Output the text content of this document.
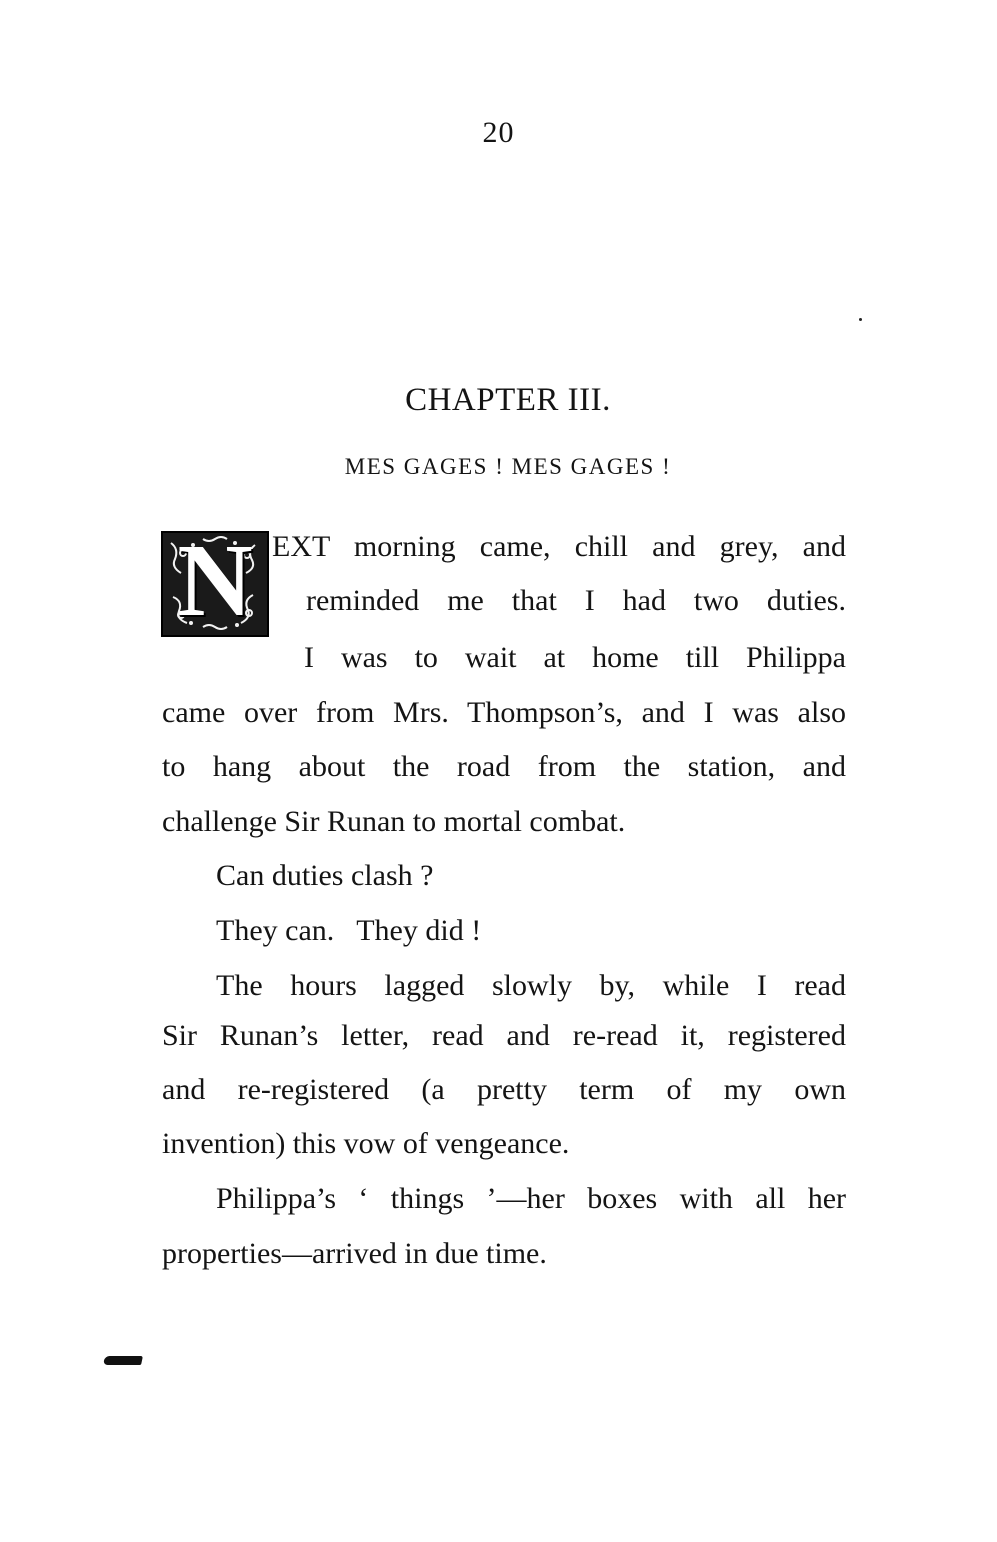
20
CHAPTER III.
MES GAGES ! MES GAGES !
N EXT morning came, chill and grey, and
reminded me that I had two duties.
I was to wait at home till Philippa
came over from Mrs. Thompson’s, and I was also
to hang about the road from the station, and
challenge Sir Runan to mortal combat.
Can duties clash ?
They can.   They did !
The hours lagged slowly by, while I read
Sir Runan’s letter, read and re-read it, registered
and re-registered (a pretty term of my own
invention) this vow of vengeance.
Philippa’s ‘ things ’—her boxes with all her
properties—arrived in due time.
